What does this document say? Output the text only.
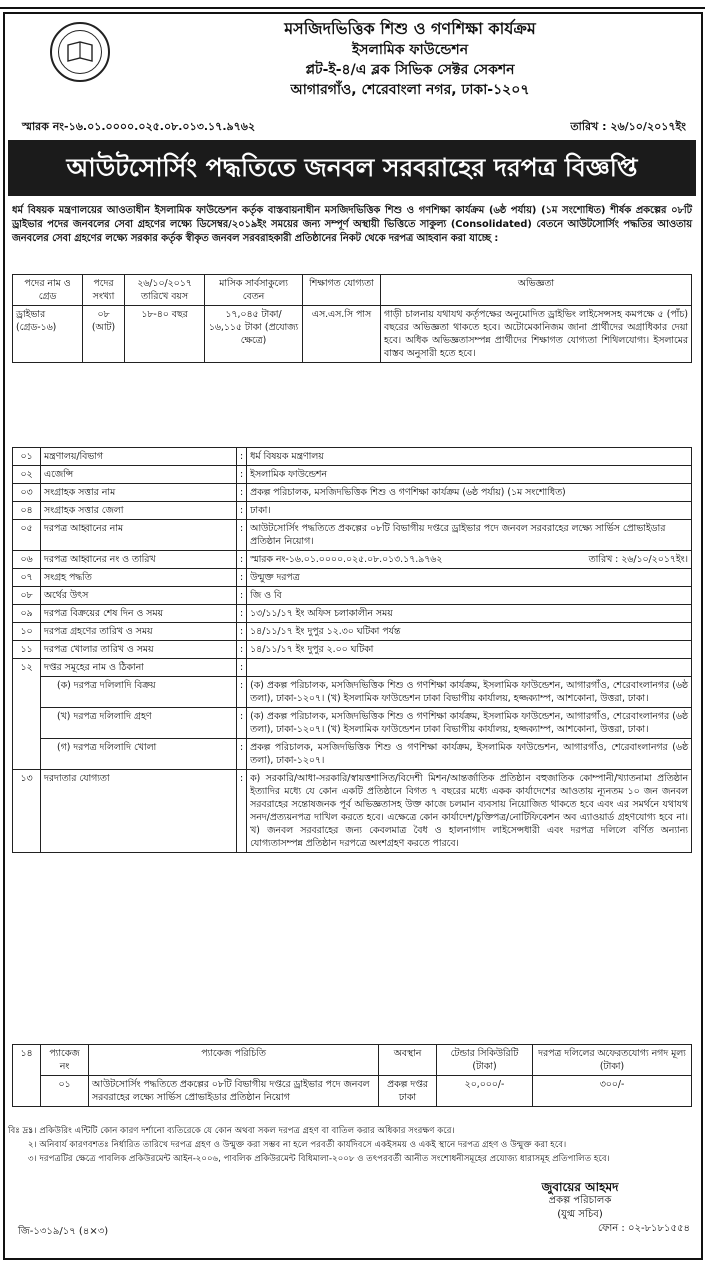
মসজিদভিত্তিক শিশু ও গণশিক্ষা কার্যক্রম
ইসলামিক ফাউন্ডেশন
প্লট-ই-৪/এ ব্লক সিভিক সেক্টর সেকশন
আগারগাঁও, শেরেবাংলা নগর, ঢাকা-১২০৭
স্মারক নং-১৬.০১.০০০০.০২৫.০৮.০১৩.১৭.৯৭৬২	তারিখ : ২৬/১০/২০১৭ইং
আউটসোর্সিং পদ্ধতিতে জনবল সরবরাহের দরপত্র বিজ্ঞপ্তি
ধর্ম বিষয়ক মন্ত্রণালয়ের আওতাধীন ইসলামিক ফাউন্ডেশন কর্তৃক বাস্তবায়নাধীন মসজিদভিত্তিক শিশু ও গণশিক্ষা কার্যক্রম (৬ষ্ঠ পর্যায়) (১ম সংশোধিত) শীর্ষক প্রকল্পের ০৮টি ড্রাইভার পদের জনবলের সেবা গ্রহণের লক্ষ্যে ডিসেম্বর/২০১৯ইং সময়ের জন্য সম্পূর্ণ অস্থায়ী ভিত্তিতে সাকুল্য (Consolidated) বেতনে আউটসোর্সিং পদ্ধতির আওতায় জনবলের সেবা গ্রহণের লক্ষ্যে সরকার কর্তৃক স্বীকৃত জনবল সরবরাহকারী প্রতিষ্ঠানের নিকট থেকে দরপত্র আহবান করা যাচ্ছে :
পদের নাম ও গ্রেড	পদের সংখ্যা	২৬/১০/২০১৭ তারিখে বয়স	মাসিক সার্বসাকুল্যে বেতন	শিক্ষাগত যোগ্যতা	অভিজ্ঞতা
ড্রাইভার (গ্রেড-১৬)	০৮ (আট)	১৮-৪০ বছর	১৭,০৪৫ টাকা/ ১৬,১১৫ টাকা (প্রযোজ্য ক্ষেত্রে)	এস.এস.সি পাস	গাড়ী চালনায় যথাযথ কর্তৃপক্ষের অনুমোদিত ড্রাইভিং লাইসেন্সসহ কমপক্ষে ৫ (পাঁচ) বছরের অভিজ্ঞতা থাকতে হবে। অটোমেকানিজম জানা প্রার্থীদের অগ্রাধিকার দেয়া হবে। অধিক অভিজ্ঞতাসম্পন্ন প্রার্থীদের শিক্ষাগত যোগ্যতা শিথিলযোগ্য। ইসলামের বাস্তব অনুসারী হতে হবে।
০১	মন্ত্রণালয়/বিভাগ	:	ধর্ম বিষয়ক মন্ত্রণালয়
০২	এজেন্সি	:	ইসলামিক ফাউন্ডেশন
০৩	সংগ্রাহক সত্তার নাম	:	প্রকল্প পরিচালক, মসজিদভিত্তিক শিশু ও গণশিক্ষা কার্যক্রম (৬ষ্ঠ পর্যায়) (১ম সংশোধিত)
০৪	সংগ্রাহক সত্তার জেলা	:	ঢাকা।
০৫	দরপত্র আহ্বানের নাম	:	আউটসোর্সিং পদ্ধতিতে প্রকল্পের ০৮টি বিভাগীয় দপ্তরে ড্রাইভার পদে জনবল সরবরাহের লক্ষ্যে সার্ভিস প্রোভাইডার প্রতিষ্ঠান নিয়োগ।
০৬	দরপত্র আহ্বানের নং ও তারিখ	:	স্মারক নং-১৬.০১.০০০০.০২৫.০৮.০১৩.১৭.৯৭৬২ তারিখ : ২৬/১০/২০১৭ইং।

০৭	সংগ্রহ পদ্ধতি	:	উন্মুক্ত দরপত্র
০৮	অর্থের উৎস	:	জি ও বি
০৯	দরপত্র বিক্রয়ের শেষ দিন ও সময়	:	১৩/১১/১৭ ইং অফিস চলাকালীন সময়
১০	দরপত্র গ্রহণের তারিখ ও সময়	:	১৪/১১/১৭ ইং দুপুর ১২.৩০ ঘটিকা পর্যন্ত
১১	দরপত্র খোলার তারিখ ও সময়	:	১৪/১১/১৭ ইং দুপুর ২.০০ ঘটিকা
১২	দপ্তর সমূহের নাম ও ঠিকানা	:	
	(ক) দরপত্র দলিলাদি বিক্রয়	:	(ক) প্রকল্প পরিচালক, মসজিদভিত্তিক শিশু ও গণশিক্ষা কার্যক্রম, ইসলামিক ফাউন্ডেশন, আগারগাঁও, শেরেবাংলানগর (৬ষ্ঠ তলা), ঢাকা-১২০৭। (খ) ইসলামিক ফাউন্ডেশন ঢাকা বিভাগীয় কার্যালয়, হজ্জক্যাম্প, আশকোনা, উত্তরা, ঢাকা।
	(খ) দরপত্র দলিলাদি গ্রহণ	:	(ক) প্রকল্প পরিচালক, মসজিদভিত্তিক শিশু ও গণশিক্ষা কার্যক্রম, ইসলামিক ফাউন্ডেশন, আগারগাঁও, শেরেবাংলানগর (৬ষ্ঠ তলা), ঢাকা-১২০৭। (খ) ইসলামিক ফাউন্ডেশন ঢাকা বিভাগীয় কার্যালয়, হজ্জক্যাম্প, আশকোনা, উত্তরা, ঢাকা।
	(গ) দরপত্র দলিলাদি খোলা	:	প্রকল্প পরিচালক, মসজিদভিত্তিক শিশু ও গণশিক্ষা কার্যক্রম, ইসলামিক ফাউন্ডেশন, আগারগাঁও, শেরেবাংলানগর (৬ষ্ঠ তলা), ঢাকা-১২০৭।
১৩	দরদাতার যোগ্যতা	:	ক) সরকারি/আধা-সরকারি/স্বায়ত্তশাসিত/বিদেশী মিশন/আন্তর্জাতিক প্রতিষ্ঠান বহুজাতিক কোম্পানী/খ্যাতনামা প্রতিষ্ঠান ইত্যাদির মধ্যে যে কোন একটি প্রতিষ্ঠানে বিগত ৭ বছরের মধ্যে একক কার্যাদেশের আওতায় ন্যূনতম ১০ জন জনবল সরবরাহের সন্তোষজনক পূর্ব অভিজ্ঞতাসহ উক্ত কাজে চলমান ব্যবসায় নিয়োজিত থাকতে হবে এবং এর সমর্থনে যথাযথ সনদ/প্রত্যয়নপত্র দাখিল করতে হবে। এক্ষেত্রে কোন কার্যাদেশ/চুক্তিপত্র/নোটিফিকেশন অব এ্যাওয়ার্ড গ্রহণযোগ্য হবে না। খ) জনবল সরবরাহের জন্য কেবলমাত্র বৈধ ও হালনাগাদ লাইসেন্সধারী এবং দরপত্র দলিলে বর্ণিত অন্যান্য যোগ্যতাসম্পন্ন প্রতিষ্ঠান দরপত্রে অংশগ্রহণ করতে পারবে।
১৪	প্যাকেজ নং	প্যাকেজ পরিচিতি	অবস্থান	টেন্ডার সিকিউরিটি (টাকা)	দরপত্র দলিলের অফেরতযোগ্য নগদ মূল্য (টাকা)
	০১	আউটসোর্সিং পদ্ধতিতে প্রকল্পের ০৮টি বিভাগীয় দপ্তরে ড্রাইভার পদে জনবল সরবরাহের লক্ষ্যে সার্ভিস প্রোভাইডার প্রতিষ্ঠান নিয়োগ	প্রকল্প দপ্তর ঢাকা	২০,০০০/-	৩০০/-
বিঃ দ্রঃ
১। প্রকিউরিং এন্টিটি কোন কারণ দর্শানো ব্যতিরেকে যে কোন অথবা সকল দরপত্র গ্রহণ বা বাতিল করার অধিকার সংরক্ষণ করে।
২। অনিবার্য কারণবশতঃ নির্ধারিত তারিখে দরপত্র গ্রহণ ও উন্মুক্ত করা সম্ভব না হলে পরবর্তী কার্যদিবসে একইসময় ও একই স্থানে দরপত্র গ্রহণ ও উন্মুক্ত করা হবে।
৩। দরপত্রটির ক্ষেত্রে পাবলিক প্রকিউরমেন্ট আইন-২০০৬, পাবলিক প্রকিউরমেন্ট বিধিমালা-২০০৮ ও তৎপরবর্তী আনীত সংশোধনীসমূহের প্রযোজ্য ধারাসমূহ প্রতিপালিত হবে।
জুবায়ের আহমদ
প্রকল্প পরিচালক
(যুগ্ম সচিব)
ফোন : ০২-৮১৮১৫৫৪
জি-১৩১৯/১৭ (৪×৩)
